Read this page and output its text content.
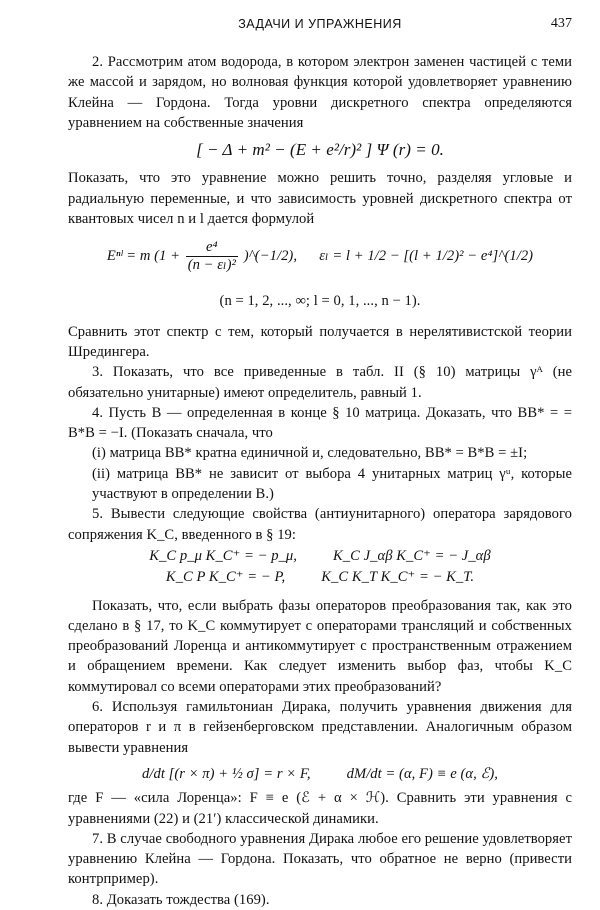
ЗАДАЧИ И УПРАЖНЕНИЯ	437

2. Рассмотрим атом водорода, в котором электрон заменен частицей с теми же массой и зарядом, но волновая функция которой удовлетворяет уравнению Клейна — Гордона. Тогда уровни дискретного спектра определяются уравнением на собственные значения

[ − Δ + m² − (E + e²/r)² ] Ψ (r) = 0.

Показать, что это уравнение можно решить точно, разделяя угловые и радиальную переменные, и что зависимость уровней дискретного спектра от квантовых чисел n и l дается формулой

Eⁿˡ = m ($1 + \frac{\text{e⁴}}{\text{(n − εₗ)²}}$ )^(−1/2), εₗ = l + 1/2 − [(l + 1/2)² − e⁴]^(1/2)
(n = 1, 2, ..., ∞; l = 0, 1, ..., n − 1).

Сравнить этот спектр с тем, который получается в нерелятивистской теории Шредингера.

3. Показать, что все приведенные в табл. II (§ 10) матрицы γᴬ (не обязательно унитарные) имеют определитель, равный 1.

4. Пусть B — определенная в конце § 10 матрица. Доказать, что BB* = = B*B = −I. (Показать сначала, что

(i) матрица BB* кратна единичной и, следовательно, BB* = B*B = ±I;

(ii) матрица BB* не зависит от выбора 4 унитарных матриц γᵘ, которые участвуют в определении B.)

5. Вывести следующие свойства (антиунитарного) оператора зарядового сопряжения K_C, введенного в § 19:

K_C p_μ K_C⁺ = − p_μ, K_C J_αβ K_C⁺ = − J_αβ
K_C P K_C⁺ = − P, K_C K_T K_C⁺ = − K_T.

Показать, что, если выбрать фазы операторов преобразования так, как это сделано в § 17, то K_C коммутирует с операторами трансляций и собственных преобразований Лоренца и антикоммутирует с пространственным отражением и обращением времени. Как следует изменить выбор фаз, чтобы K_C коммутировал со всеми операторами этих преобразований?

6. Используя гамильтониан Дирака, получить уравнения движения для операторов r и π в гейзенберговском представлении. Аналогичным образом вывести уравнения

d/dt [(r × π) + ½ σ] = r × F, dM/dt = (α, F) ≡ e (α, ℰ),

где F — «сила Лоренца»: F ≡ e (ℰ + α × ℋ). Сравнить эти уравнения с уравнениями (22) и (21′) классической динамики.

7. В случае свободного уравнения Дирака любое его решение удовлетворяет уравнению Клейна — Гордона. Показать, что обратное не верно (привести контрпример).

8. Доказать тождества (169).
